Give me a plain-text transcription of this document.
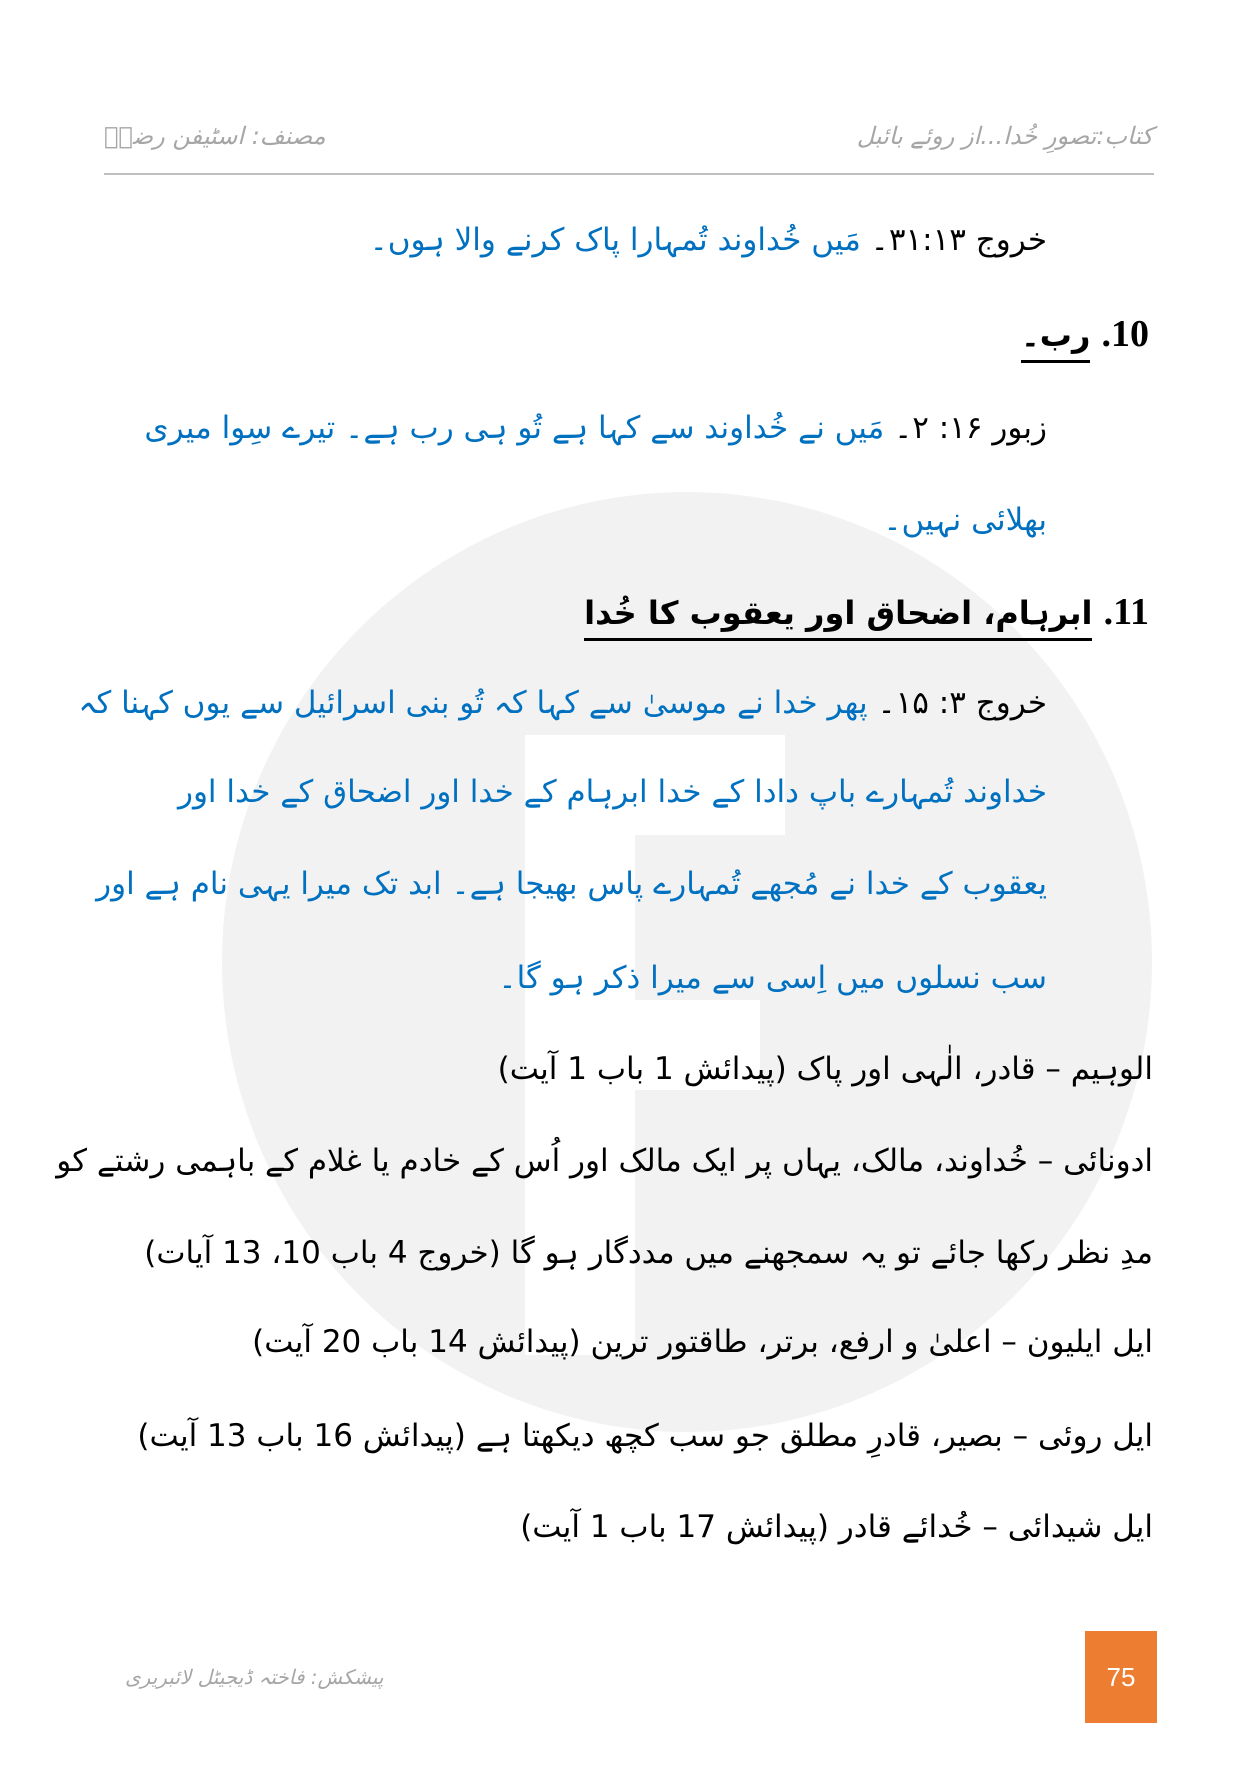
کتاب:تصورِ خُدا...از روئے بائبل
مصنف: اسٹیفن رضاؔ
خروج ۳۱:۱۳۔ مَیں خُداوند تُمہارا پاک کرنے والا ہوں۔
10. رب۔
زبور ۱۶: ۲۔ مَیں نے خُداوند سے کہا ہے تُو ہی رب ہے۔ تیرے سِوا میری
بھلائی نہیں۔
11. ابرہام، اضحاق اور یعقوب کا خُدا
خروج ۳: ۱۵۔ پھر خدا نے موسیٰ سے کہا کہ تُو بنی اسرائیل سے یوں کہنا کہ
خداوند تُمہارے باپ دادا کے خدا ابرہام کے خدا اور اضحاق کے خدا اور
یعقوب کے خدا نے مُجھے تُمہارے پاس بھیجا ہے۔ ابد تک میرا یہی نام ہے اور
سب نسلوں میں اِسی سے میرا ذکر ہو گا۔
الوہیم – قادر، الٰہی اور پاک (پیدائش 1 باب 1 آیت)
ادونائی – خُداوند، مالک، یہاں پر ایک مالک اور اُس کے خادم یا غلام کے باہمی رشتے کو
مدِ نظر رکھا جائے تو یہ سمجھنے میں مددگار ہو گا (خروج 4 باب 10، 13 آیات)
ایل ایلیون – اعلیٰ و ارفع، برتر، طاقتور ترین (پیدائش 14 باب 20 آیت)
ایل روئی – بصیر، قادرِ مطلق جو سب کچھ دیکھتا ہے (پیدائش 16 باب 13 آیت)
ایل شیدائی – خُدائے قادر (پیدائش 17 باب 1 آیت)
پیشکش: فاختہ ڈیجیٹل لائبریری	75
